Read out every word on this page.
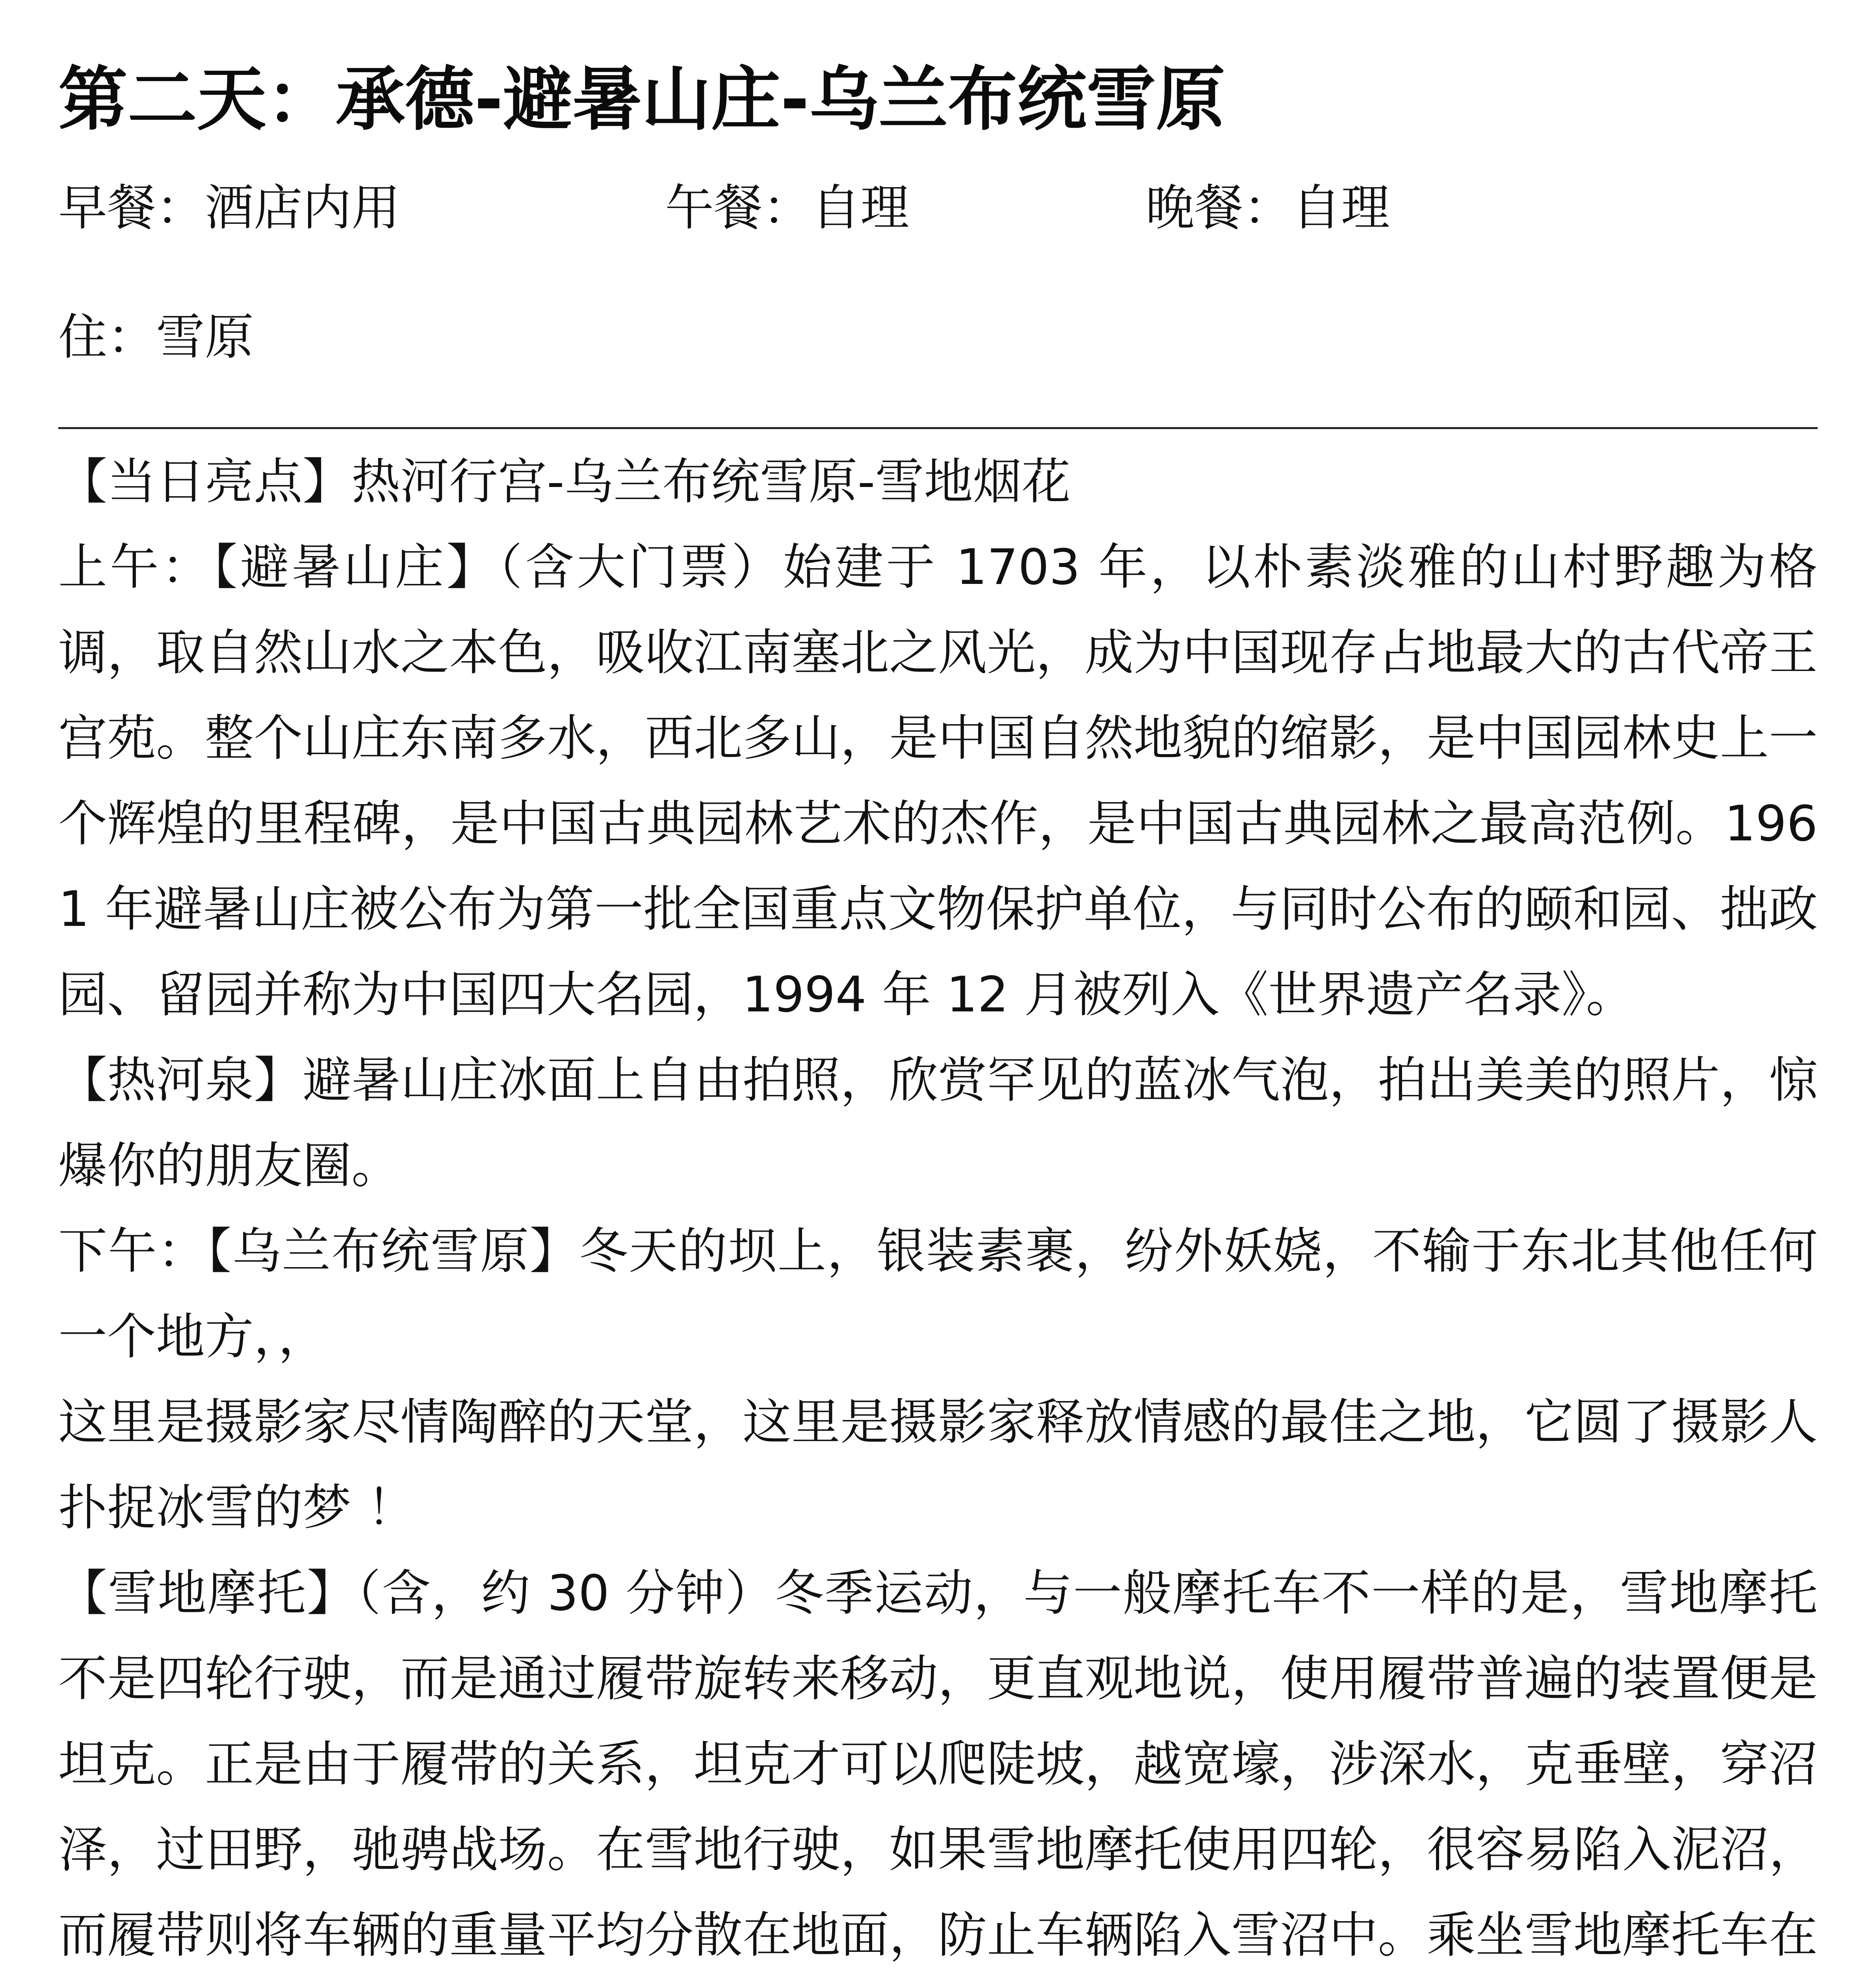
第二天：承德-避暑山庄-乌兰布统雪原
早餐：酒店内用	午餐：自理	晚餐：自理
住：雪原

【当日亮点】热河行宫-乌兰布统雪原-雪地烟花

上午：【避暑山庄】（含大门票）始建于 1703 年，以朴素淡雅的山村野趣为格调，取自然山水之本色，吸收江南塞北之风光，成为中国现存占地最大的古代帝王宫苑。整个山庄东南多水，西北多山，是中国自然地貌的缩影，是中国园林史上一个辉煌的里程碑，是中国古典园林艺术的杰作，是中国古典园林之最高范例。1961 年避暑山庄被公布为第一批全国重点文物保护单位，与同时公布的颐和园、拙政园、留园并称为中国四大名园，1994 年 12 月被列入《世界遗产名录》。

【热河泉】避暑山庄冰面上自由拍照，欣赏罕见的蓝冰气泡，拍出美美的照片，惊爆你的朋友圈。

下午：【乌兰布统雪原】冬天的坝上，银装素裹，纷外妖娆，不输于东北其他任何一个地方，，

这里是摄影家尽情陶醉的天堂，这里是摄影家释放情感的最佳之地，它圆了摄影人扑捉冰雪的梦 ！

【雪地摩托】（含，约 30 分钟）冬季运动，与一般摩托车不一样的是，雪地摩托不是四轮行驶，而是通过履带旋转来移动，更直观地说，使用履带普遍的装置便是坦克。正是由于履带的关系，坦克才可以爬陡坡，越宽壕，涉深水，克垂壁，穿沼泽，过田野，驰骋战场。在雪地行驶，如果雪地摩托使用四轮，很容易陷入泥沼，而履带则将车辆的重量平均分散在地面，防止车辆陷入雪沼中。乘坐雪地摩托车在
